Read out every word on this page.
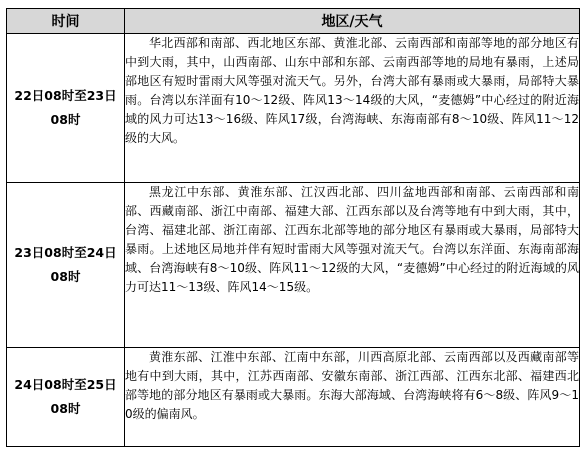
时间	地区/天气
22日08时至23日08时	华北西部和南部、西北地区东部、黄淮北部、云南西部和南部等地的部分地区有中到大雨，其中，山西南部、山东中部和东部、云南西部等地的局地有暴雨，上述局部地区有短时雷雨大风等强对流天气。另外，台湾大部有暴雨或大暴雨，局部特大暴雨。台湾以东洋面有10～12级、阵风13～14级的大风，“麦德姆”中心经过的附近海域的风力可达13～16级、阵风17级，台湾海峡、东海南部有8～10级、阵风11～12级的大风。
23日08时至24日08时	黑龙江中东部、黄淮东部、江汉西北部、四川盆地西部和南部、云南西部和南部、西藏南部、浙江中南部、福建大部、江西东部以及台湾等地有中到大雨，其中，台湾、福建北部、浙江南部、江西东北部等地的部分地区有暴雨或大暴雨，局部特大暴雨。上述地区局地并伴有短时雷雨大风等强对流天气。台湾以东洋面、东海南部海域、台湾海峡有8～10级、阵风11～12级的大风，“麦德姆”中心经过的附近海域的风力可达11～13级、阵风14～15级。
24日08时至25日08时	黄淮东部、江淮中东部、江南中东部，川西高原北部、云南西部以及西藏南部等地有中到大雨，其中，江苏西南部、安徽东南部、浙江西部、江西东北部、福建西北部等地的部分地区有暴雨或大暴雨。东海大部海域、台湾海峡将有6～8级、阵风9～10级的偏南风。
